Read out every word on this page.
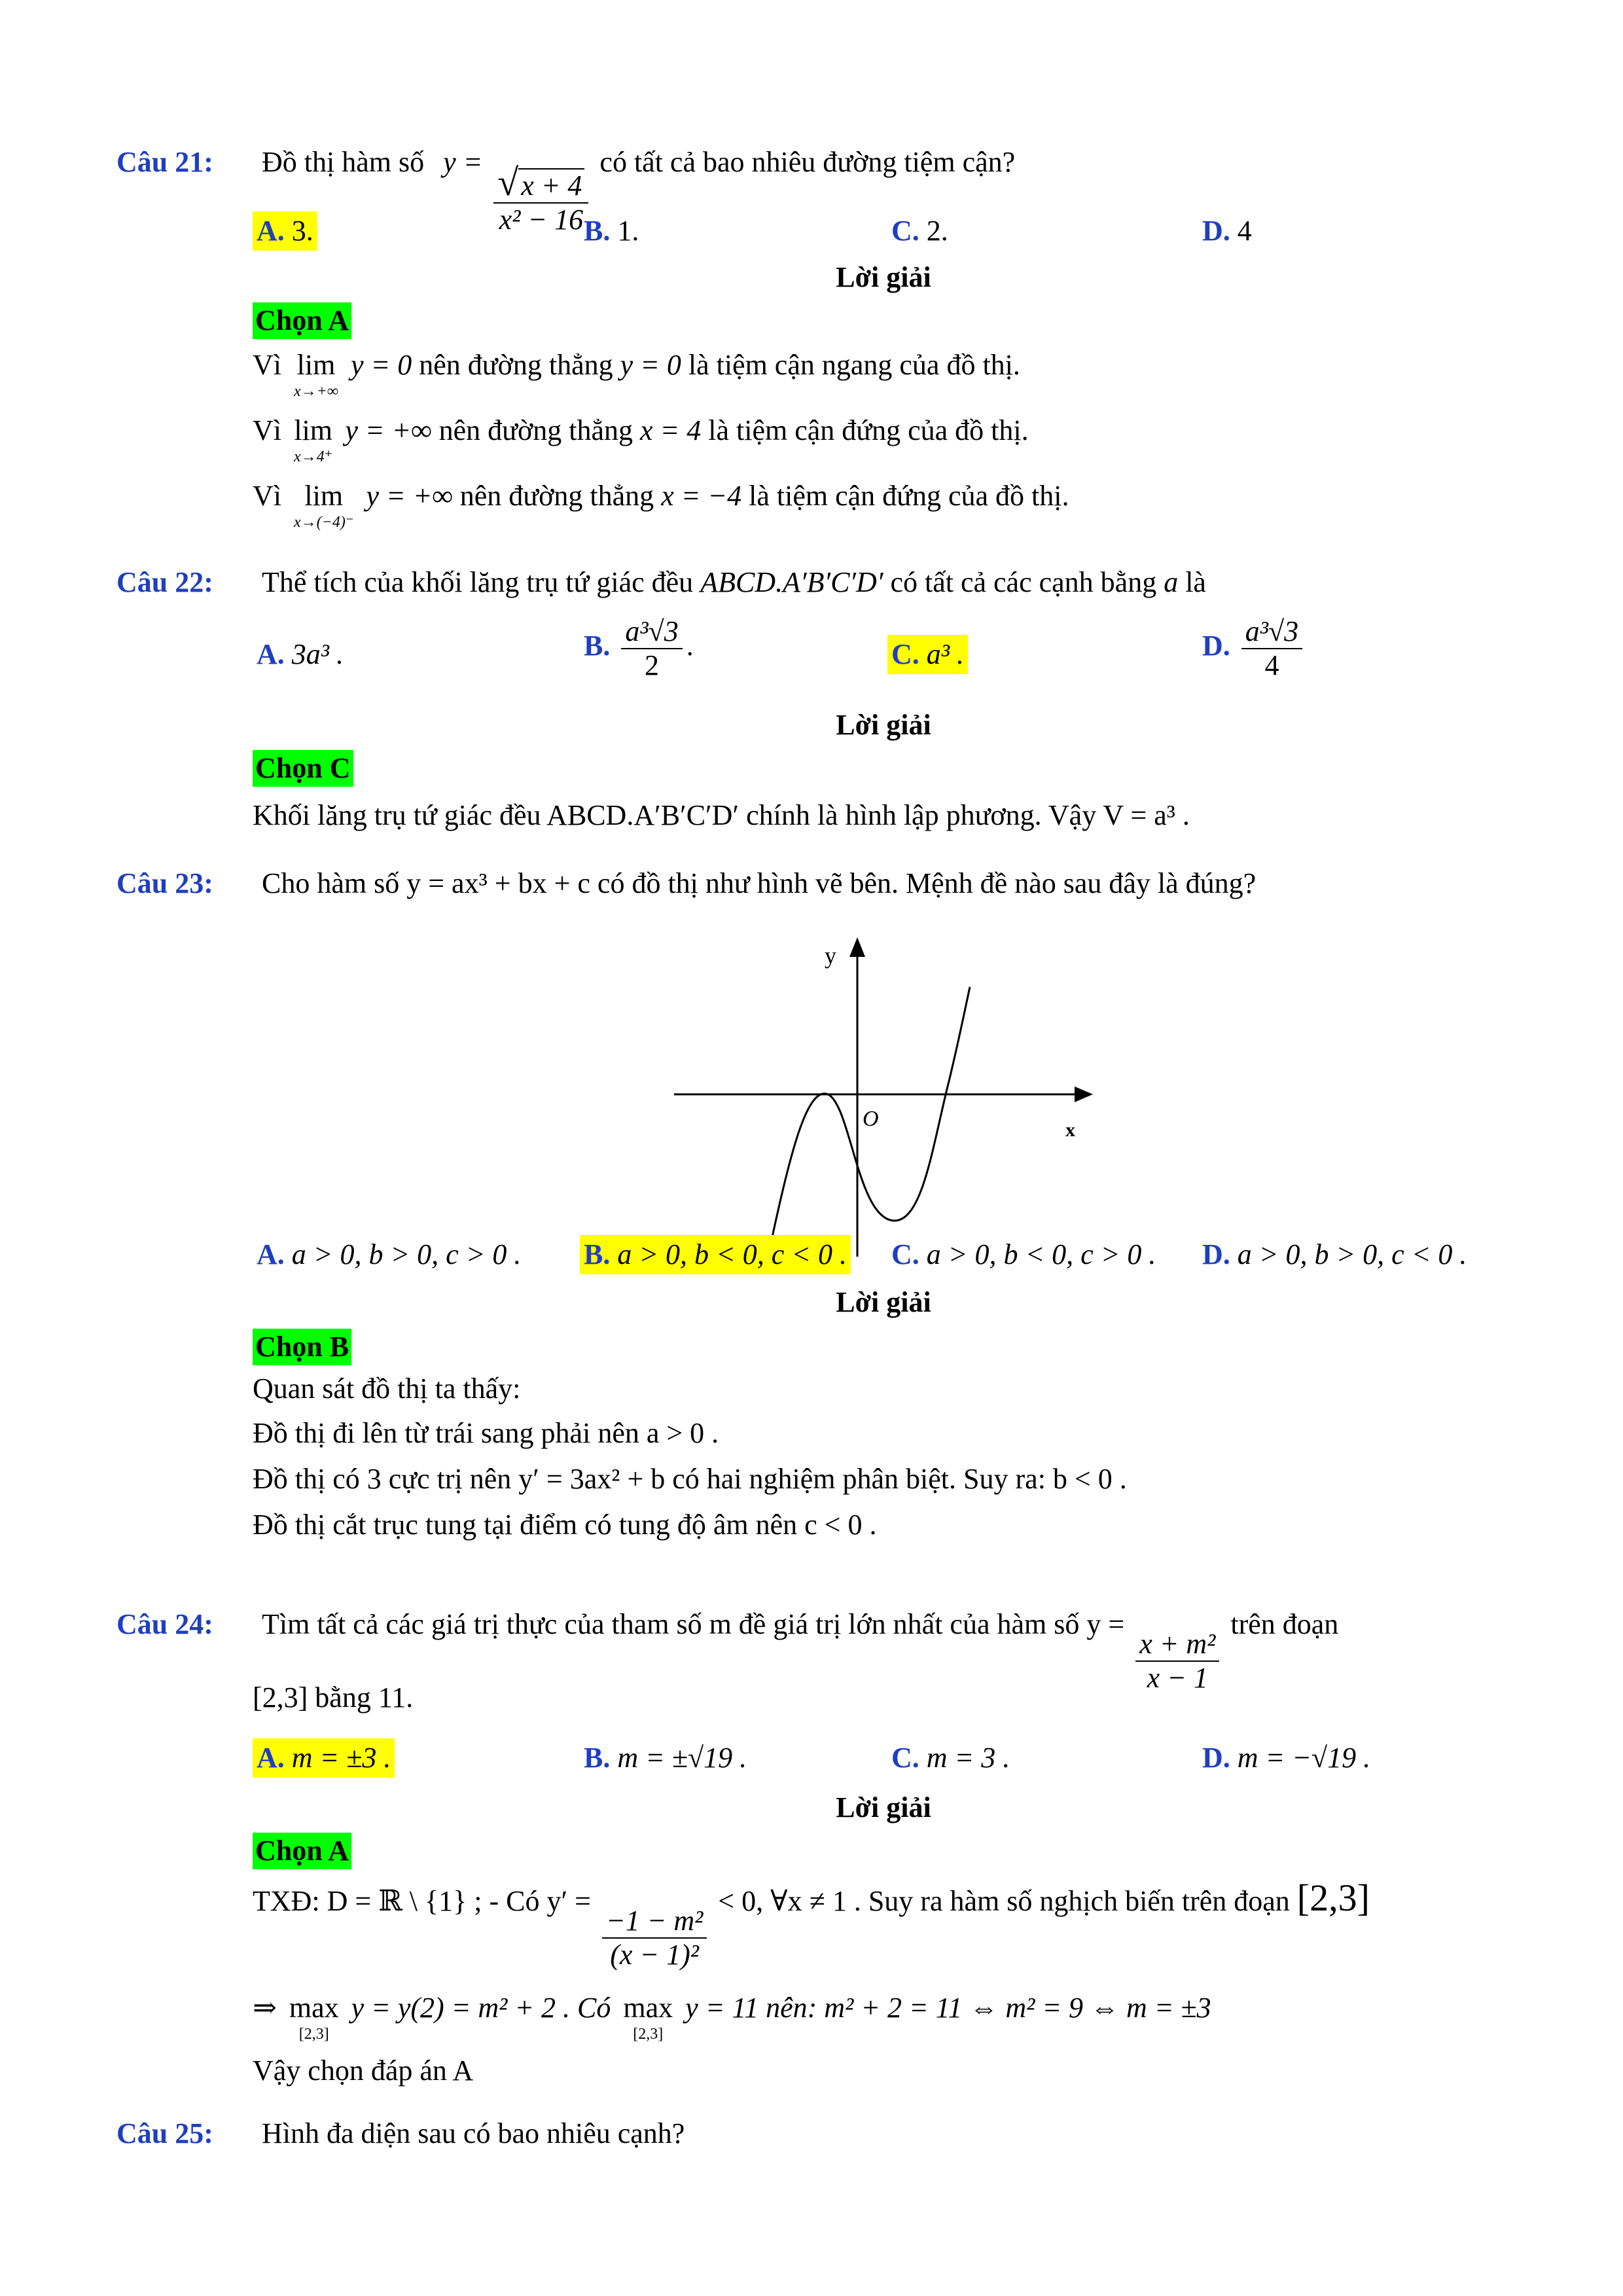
Câu 21: Đồ thị hàm số y =
$\frac{√x + 4}{\text{x² − 16}}$
có tất cả bao nhiêu đường tiệm cận?
A. 3.	B. 1.	C. 2.	D. 4
Lời giải
Chọn A
Vì lim
x→+∞
y = 0 nên đường thẳng y = 0 là tiệm cận ngang của đồ thị.
Vì lim
x→4⁺
y = +∞ nên đường thẳng x = 4 là tiệm cận đứng của đồ thị.
Vì lim
x→(−4)⁻
y = +∞ nên đường thẳng x = −4 là tiệm cận đứng của đồ thị.
Câu 22: Thể tích của khối lăng trụ tứ giác đều ABCD.A′B′C′D′ có tất cả các cạnh bằng a là
A. 3a³ .	B. $\frac{\text{a³√3}}{2}$ .	C. a³ .	D. $\frac{\text{a³√3}}{4}$
Lời giải
Chọn C
Khối lăng trụ tứ giác đều ABCD.A′B′C′D′ chính là hình lập phương. Vậy V = a³ .
Câu 23: Cho hàm số y = ax³ + bx + c có đồ thị như hình vẽ bên. Mệnh đề nào sau đây là đúng?
y
x
O
A. a > 0, b > 0, c > 0 . B. a > 0, b < 0, c < 0 . C. a > 0, b < 0, c > 0 . D. a > 0, b > 0, c < 0 .
Lời giải
Chọn B
Quan sát đồ thị ta thấy:
Đồ thị đi lên từ trái sang phải nên a > 0 .
Đồ thị có 3 cực trị nên y′ = 3ax² + b có hai nghiệm phân biệt. Suy ra: b < 0 .
Đồ thị cắt trục tung tại điểm có tung độ âm nên c < 0 .
Câu 24: Tìm tất cả các giá trị thực của tham số m đề giá trị lớn nhất của hàm số y =
$\frac{\text{x + m²}}{x - 1}$
trên đoạn
[2,3] bằng 11.
A. m = ±3 .	B. m = ±√19 .	C. m = 3 .	D. m = −√19 .
Lời giải
Chọn A
TXĐ: D = ℝ \ {1} ; - Có y′ =
$\frac{\text{−1 − m²}}{\text{(x − 1)²}}$
< 0, ∀x ≠ 1 . Suy ra hàm số nghịch biến trên đoạn [2,3]
⇒ max
[2,3]
y = y(2) = m² + 2 . Có max
[2,3]
y = 11 nên: m² + 2 = 11 ⇔ m² = 9 ⇔ m = ±3
Vậy chọn đáp án A
Câu 25: Hình đa diện sau có bao nhiêu cạnh?
